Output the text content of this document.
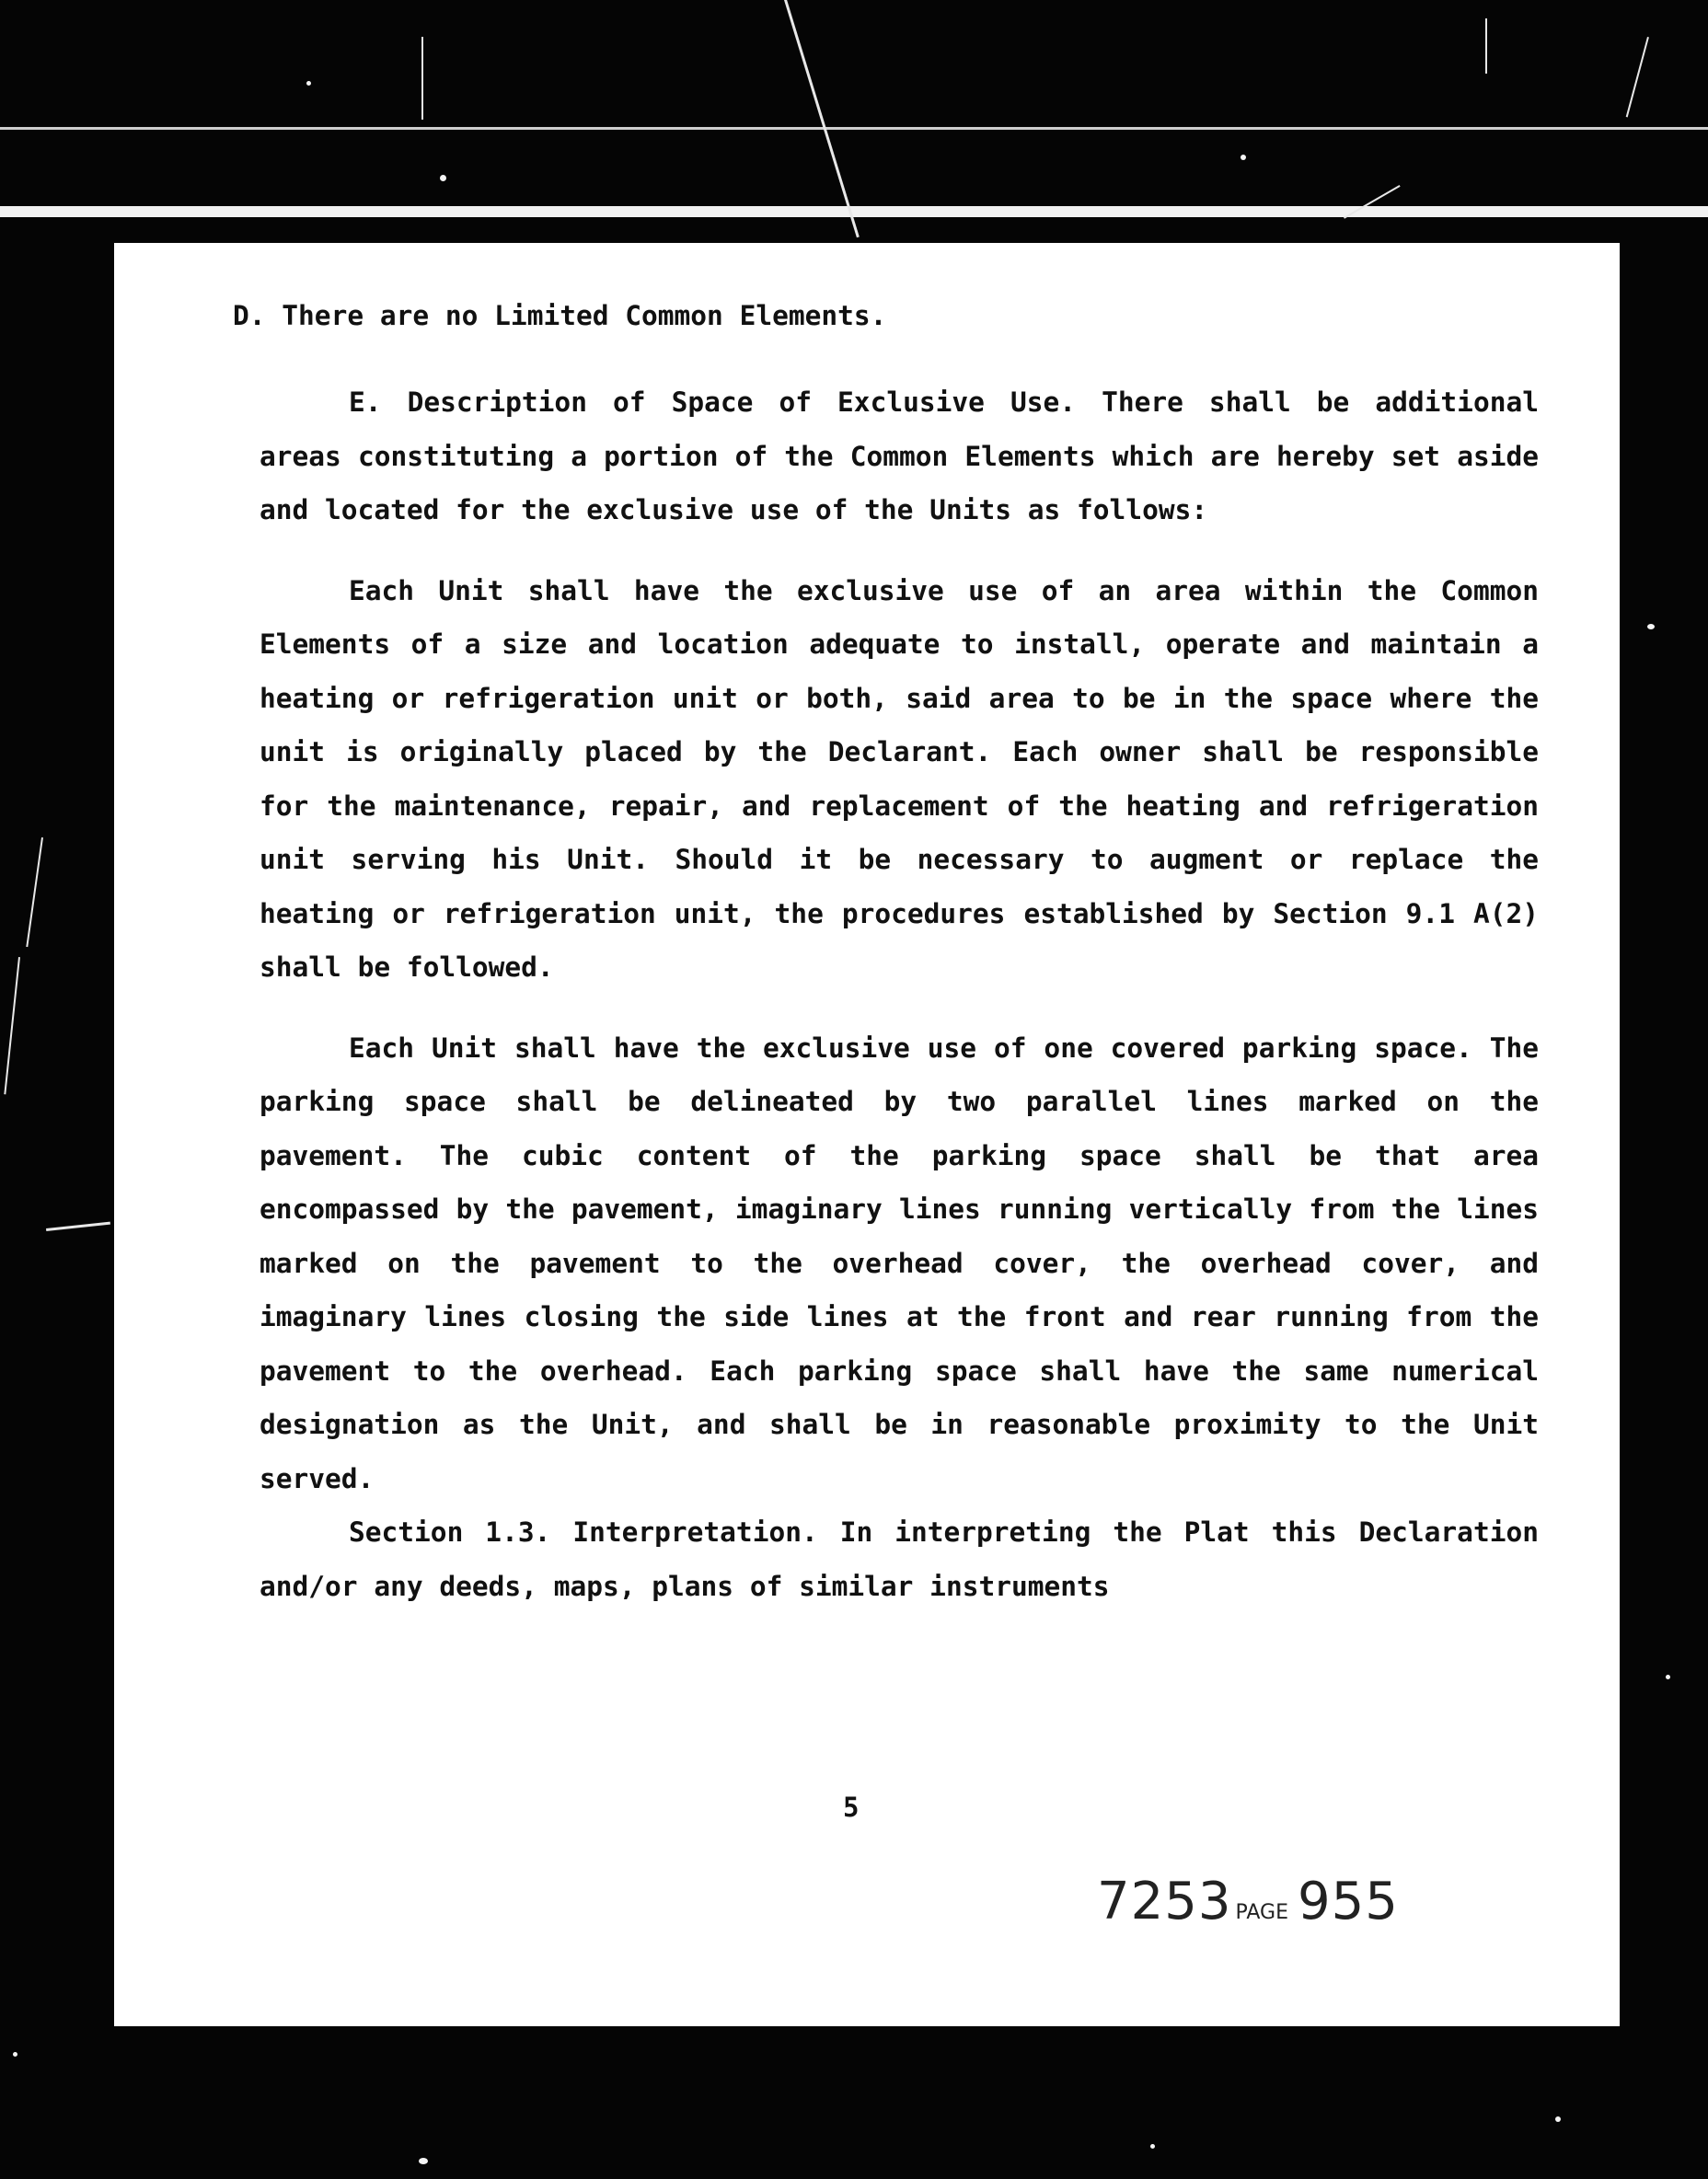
D. There are no Limited Common Elements.

E. Description of Space of Exclusive Use. There shall be additional areas constituting a portion of the Common Elements which are hereby set aside and located for the exclusive use of the Units as follows:

Each Unit shall have the exclusive use of an area within the Common Elements of a size and location adequate to install, operate and maintain a heating or refrigeration unit or both, said area to be in the space where the unit is originally placed by the Declarant. Each owner shall be responsible for the maintenance, repair, and replacement of the heating and refrigeration unit serving his Unit. Should it be necessary to augment or replace the heating or refrigeration unit, the procedures established by Section 9.1 A(2) shall be followed.

Each Unit shall have the exclusive use of one covered parking space. The parking space shall be delineated by two parallel lines marked on the pavement. The cubic content of the parking space shall be that area encompassed by the pavement, imaginary lines running vertically from the lines marked on the pavement to the overhead cover, the overhead cover, and imaginary lines closing the side lines at the front and rear running from the pavement to the overhead. Each parking space shall have the same numerical designation as the Unit, and shall be in reasonable proximity to the Unit served.

Section 1.3. Interpretation. In interpreting the Plat this Declaration and/or any deeds, maps, plans of similar instruments

5
7253 PAGE 955
